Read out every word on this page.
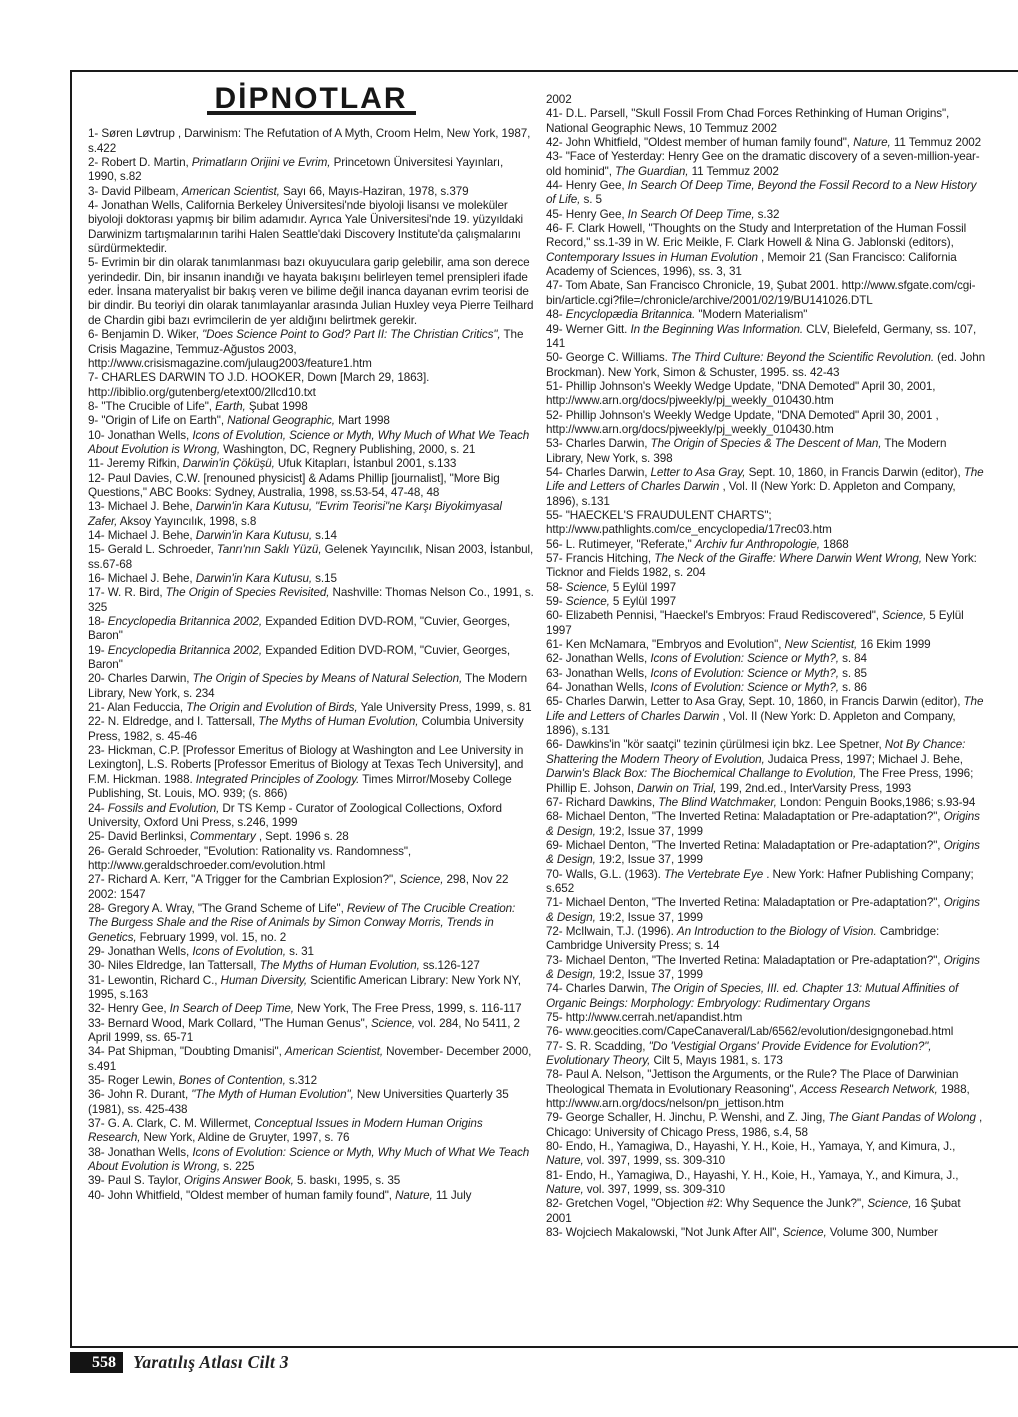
DİPNOTLAR

1- Søren Løvtrup , Darwinism: The Refutation of A Myth, Croom Helm, New York, 1987, s.422

2- Robert D. Martin, Primatların Orijini ve Evrim, Princetown Üniversitesi Yayınları, 1990, s.82

3- David Pilbeam, American Scientist, Sayı 66, Mayıs-Haziran, 1978, s.379

4- Jonathan Wells, California Berkeley Üniversitesi'nde biyoloji lisansı ve moleküler biyoloji doktorası yapmış bir bilim adamıdır. Ayrıca Yale Üniversitesi'nde 19. yüzyıldaki Darwinizm tartışmalarının tarihi Halen Seattle'daki Discovery Institute'da çalışmalarını sürdürmektedir.

5- Evrimin bir din olarak tanımlanması bazı okuyuculara garip gelebilir, ama son derece yerindedir. Din, bir insanın inandığı ve hayata bakışını belirleyen temel prensipleri ifade eder. İnsana materyalist bir bakış veren ve bilime değil inanca dayanan evrim teorisi de bir dindir. Bu teoriyi din olarak tanımlayanlar arasında Julian Huxley veya Pierre Teilhard de Chardin gibi bazı evrimcilerin de yer aldığını belirtmek gerekir.

6- Benjamin D. Wiker, "Does Science Point to God? Part II: The Christian Critics", The Crisis Magazine, Temmuz-Ağustos 2003, http://www.crisismagazine.com/julaug2003/feature1.htm

7- CHARLES DARWIN TO J.D. HOOKER, Down [March 29, 1863]. http://ibiblio.org/gutenberg/etext00/2llcd10.txt

8- "The Crucible of Life", Earth, Şubat 1998

9- "Origin of Life on Earth", National Geographic, Mart 1998

10- Jonathan Wells, Icons of Evolution, Science or Myth, Why Much of What We Teach About Evolution is Wrong, Washington, DC, Regnery Publishing, 2000, s. 21

11- Jeremy Rifkin, Darwin'in Çöküşü, Ufuk Kitapları, İstanbul 2001, s.133

12- Paul Davies, C.W. [renouned physicist] & Adams Phillip [journalist], "More Big Questions," ABC Books: Sydney, Australia, 1998, ss.53-54, 47-48, 48

13- Michael J. Behe, Darwin'in Kara Kutusu, "Evrim Teorisi"ne Karşı Biyokimyasal Zafer, Aksoy Yayıncılık, 1998, s.8

14- Michael J. Behe, Darwin'in Kara Kutusu, s.14

15- Gerald L. Schroeder, Tanrı'nın Saklı Yüzü, Gelenek Yayıncılık, Nisan 2003, İstanbul, ss.67-68

16- Michael J. Behe, Darwin'in Kara Kutusu, s.15

17- W. R. Bird, The Origin of Species Revisited, Nashville: Thomas Nelson Co., 1991, s. 325

18- Encyclopedia Britannica 2002, Expanded Edition DVD-ROM, "Cuvier, Georges, Baron"

19- Encyclopedia Britannica 2002, Expanded Edition DVD-ROM, "Cuvier, Georges, Baron"

20- Charles Darwin, The Origin of Species by Means of Natural Selection, The Modern Library, New York, s. 234

21- Alan Feduccia, The Origin and Evolution of Birds, Yale University Press, 1999, s. 81

22- N. Eldredge, and I. Tattersall, The Myths of Human Evolution, Columbia University Press, 1982, s. 45-46

23- Hickman, C.P. [Professor Emeritus of Biology at Washington and Lee University in Lexington], L.S. Roberts [Professor Emeritus of Biology at Texas Tech University], and F.M. Hickman. 1988. Integrated Principles of Zoology. Times Mirror/Moseby College Publishing, St. Louis, MO. 939; (s. 866)

24- Fossils and Evolution, Dr TS Kemp - Curator of Zoological Collections, Oxford University, Oxford Uni Press, s.246, 1999

25- David Berlinksi, Commentary , Sept. 1996 s. 28

26- Gerald Schroeder, "Evolution: Rationality vs. Randomness", http://www.geraldschroeder.com/evolution.html

27- Richard A. Kerr, "A Trigger for the Cambrian Explosion?", Science, 298, Nov 22 2002: 1547

28- Gregory A. Wray, "The Grand Scheme of Life", Review of The Crucible Creation: The Burgess Shale and the Rise of Animals by Simon Conway Morris, Trends in Genetics, February 1999, vol. 15, no. 2

29- Jonathan Wells, Icons of Evolution, s. 31

30- Niles Eldredge, Ian Tattersall, The Myths of Human Evolution, ss.126-127

31- Lewontin, Richard C., Human Diversity, Scientific American Library: New York NY, 1995, s.163

32- Henry Gee, In Search of Deep Time, New York, The Free Press, 1999, s. 116-117

33- Bernard Wood, Mark Collard, "The Human Genus", Science, vol. 284, No 5411, 2 April 1999, ss. 65-71

34- Pat Shipman, "Doubting Dmanisi", American Scientist, November- December 2000, s.491

35- Roger Lewin, Bones of Contention, s.312

36- John R. Durant, "The Myth of Human Evolution", New Universities Quarterly 35 (1981), ss. 425-438

37- G. A. Clark, C. M. Willermet, Conceptual Issues in Modern Human Origins Research, New York, Aldine de Gruyter, 1997, s. 76

38- Jonathan Wells, Icons of Evolution: Science or Myth, Why Much of What We Teach About Evolution is Wrong, s. 225

39- Paul S. Taylor, Origins Answer Book, 5. baskı, 1995, s. 35

40- John Whitfield, "Oldest member of human family found", Nature, 11 July

2002

41- D.L. Parsell, "Skull Fossil From Chad Forces Rethinking of Human Origins", National Geographic News, 10 Temmuz 2002

42- John Whitfield, "Oldest member of human family found", Nature, 11 Temmuz 2002

43- "Face of Yesterday: Henry Gee on the dramatic discovery of a seven-million-year-old hominid", The Guardian, 11 Temmuz 2002

44- Henry Gee, In Search Of Deep Time, Beyond the Fossil Record to a New History of Life, s. 5

45- Henry Gee, In Search Of Deep Time, s.32

46- F. Clark Howell, "Thoughts on the Study and Interpretation of the Human Fossil Record," ss.1-39 in W. Eric Meikle, F. Clark Howell & Nina G. Jablonski (editors), Contemporary Issues in Human Evolution , Memoir 21 (San Francisco: California Academy of Sciences, 1996), ss. 3, 31

47- Tom Abate, San Francisco Chronicle, 19, Şubat 2001. http://www.sfgate.com/cgi-bin/article.cgi?file=/chronicle/archive/2001/02/19/BU141026.DTL

48- Encyclopædia Britannica. "Modern Materialism"

49- Werner Gitt. In the Beginning Was Information. CLV, Bielefeld, Germany, ss. 107, 141

50- George C. Williams. The Third Culture: Beyond the Scientific Revolution. (ed. John Brockman). New York, Simon & Schuster, 1995. ss. 42-43

51- Phillip Johnson's Weekly Wedge Update, "DNA Demoted" April 30, 2001, http://www.arn.org/docs/pjweekly/pj_weekly_010430.htm

52- Phillip Johnson's Weekly Wedge Update, "DNA Demoted" April 30, 2001 , http://www.arn.org/docs/pjweekly/pj_weekly_010430.htm

53- Charles Darwin, The Origin of Species & The Descent of Man, The Modern Library, New York, s. 398

54- Charles Darwin, Letter to Asa Gray, Sept. 10, 1860, in Francis Darwin (editor), The Life and Letters of Charles Darwin , Vol. II (New York: D. Appleton and Company, 1896), s.131

55- "HAECKEL'S FRAUDULENT CHARTS"; http://www.pathlights.com/ce_encyclopedia/17rec03.htm

56- L. Rutimeyer, "Referate," Archiv fur Anthropologie, 1868

57- Francis Hitching, The Neck of the Giraffe: Where Darwin Went Wrong, New York: Ticknor and Fields 1982, s. 204

58- Science, 5 Eylül 1997

59- Science, 5 Eylül 1997

60- Elizabeth Pennisi, "Haeckel's Embryos: Fraud Rediscovered", Science, 5 Eylül 1997

61- Ken McNamara, "Embryos and Evolution", New Scientist, 16 Ekim 1999

62- Jonathan Wells, Icons of Evolution: Science or Myth?, s. 84

63- Jonathan Wells, Icons of Evolution: Science or Myth?, s. 85

64- Jonathan Wells, Icons of Evolution: Science or Myth?, s. 86

65- Charles Darwin, Letter to Asa Gray, Sept. 10, 1860, in Francis Darwin (editor), The Life and Letters of Charles Darwin , Vol. II (New York: D. Appleton and Company, 1896), s.131

66- Dawkins'in "kör saatçi" tezinin çürülmesi için bkz. Lee Spetner, Not By Chance: Shattering the Modern Theory of Evolution, Judaica Press, 1997; Michael J. Behe, Darwin's Black Box: The Biochemical Challange to Evolution, The Free Press, 1996; Phillip E. Johson, Darwin on Trial, 199, 2nd.ed., InterVarsity Press, 1993

67- Richard Dawkins, The Blind Watchmaker, London: Penguin Books,1986; s.93-94

68- Michael Denton, "The Inverted Retina: Maladaptation or Pre-adaptation?", Origins & Design, 19:2, Issue 37, 1999

69- Michael Denton, "The Inverted Retina: Maladaptation or Pre-adaptation?", Origins & Design, 19:2, Issue 37, 1999

70- Walls, G.L. (1963). The Vertebrate Eye . New York: Hafner Publishing Company; s.652

71- Michael Denton, "The Inverted Retina: Maladaptation or Pre-adaptation?", Origins & Design, 19:2, Issue 37, 1999

72- McIlwain, T.J. (1996). An Introduction to the Biology of Vision. Cambridge: Cambridge University Press; s. 14

73- Michael Denton, "The Inverted Retina: Maladaptation or Pre-adaptation?", Origins & Design, 19:2, Issue 37, 1999

74- Charles Darwin, The Origin of Species, III. ed. Chapter 13: Mutual Affinities of Organic Beings: Morphology: Embryology: Rudimentary Organs

75- http://www.cerrah.net/apandist.htm

76- www.geocities.com/CapeCanaveral/Lab/6562/evolution/designgonebad.html

77- S. R. Scadding, "Do 'Vestigial Organs' Provide Evidence for Evolution?", Evolutionary Theory, Cilt 5, Mayıs 1981, s. 173

78- Paul A. Nelson, "Jettison the Arguments, or the Rule? The Place of Darwinian Theological Themata in Evolutionary Reasoning", Access Research Network, 1988, http://www.arn.org/docs/nelson/pn_jettison.htm

79- George Schaller, H. Jinchu, P. Wenshi, and Z. Jing, The Giant Pandas of Wolong , Chicago: University of Chicago Press, 1986, s.4, 58

80- Endo, H., Yamagiwa, D., Hayashi, Y. H., Koie, H., Yamaya, Y, and Kimura, J., Nature, vol. 397, 1999, ss. 309-310

81- Endo, H., Yamagiwa, D., Hayashi, Y. H., Koie, H., Yamaya, Y., and Kimura, J., Nature, vol. 397, 1999, ss. 309-310

82- Gretchen Vogel, "Objection #2: Why Sequence the Junk?", Science, 16 Şubat 2001

83- Wojciech Makalowski, "Not Junk After All", Science, Volume 300, Number

558 Yaratılış Atlası Cilt 3
